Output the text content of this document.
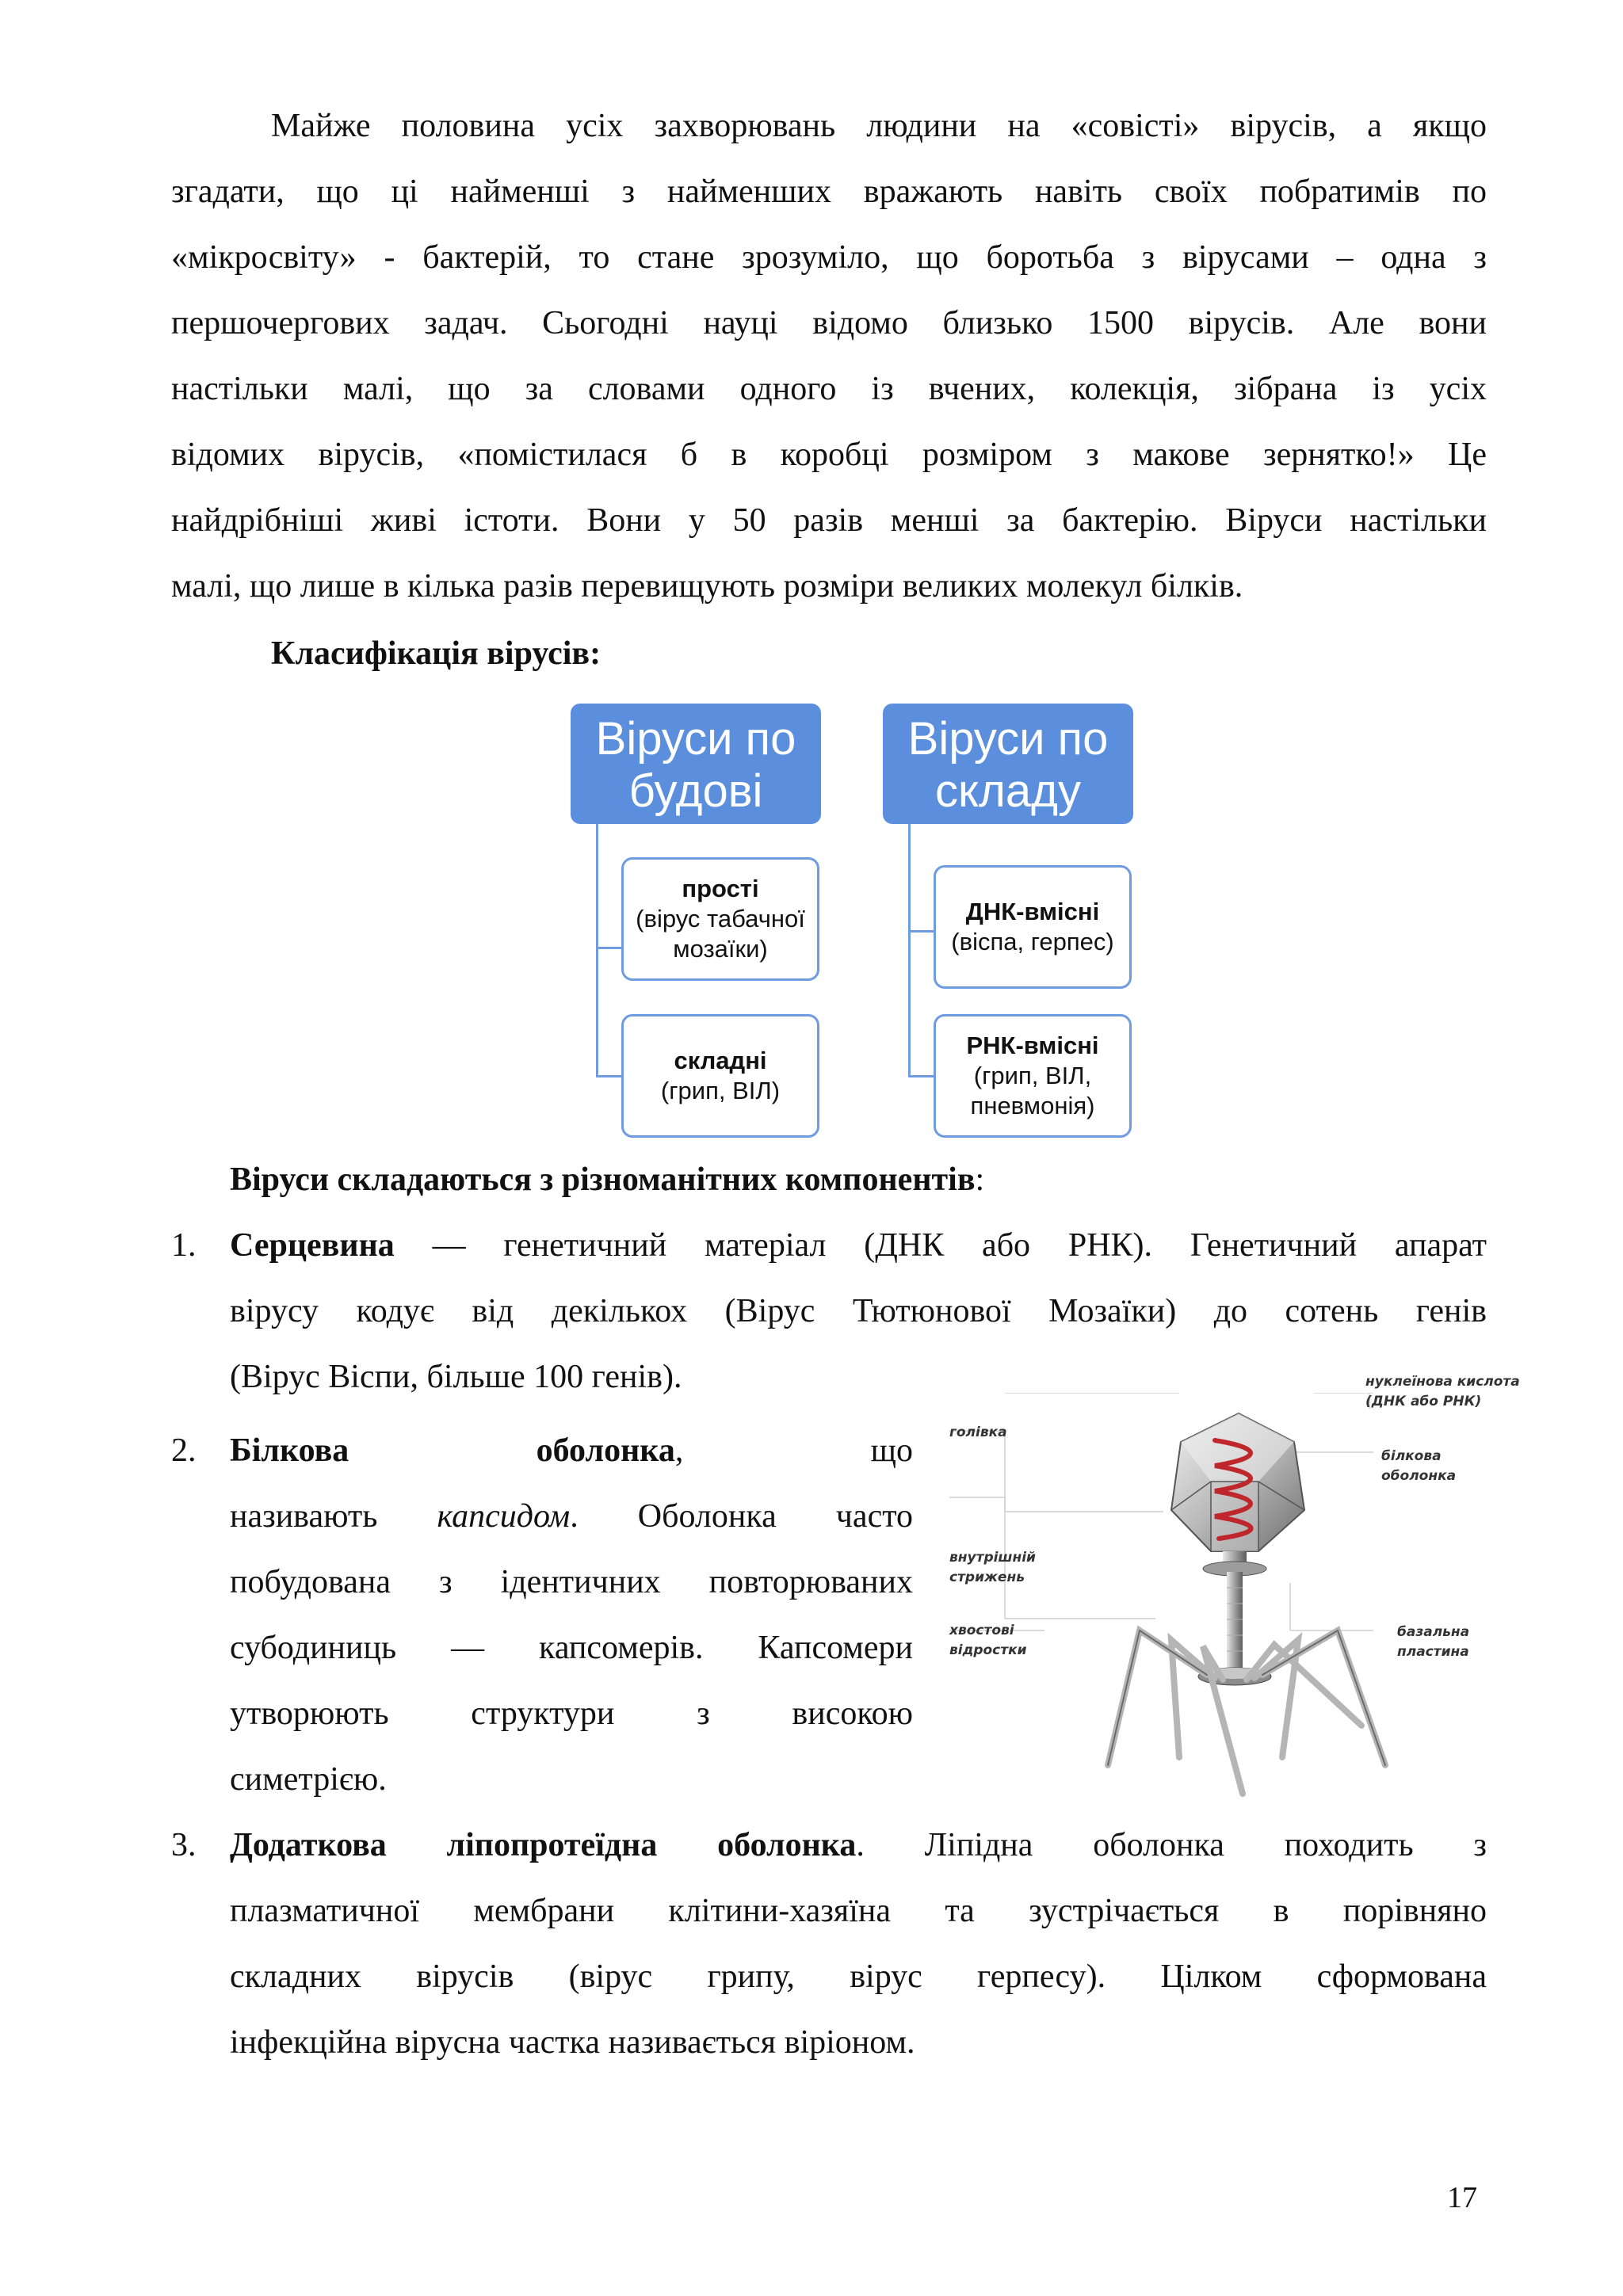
Майже половина усіх захворювань людини на «совісті» вірусів, а якщо
згадати, що ці найменші з найменших вражають навіть своїх побратимів по
«мікросвіту» - бактерій, то стане зрозуміло, що боротьба з вірусами – одна з
першочергових задач. Сьогодні науці відомо близько 1500 вірусів. Але вони
настільки малі, що за словами одного із вчених, колекція, зібрана із усіх
відомих вірусів, «помістилася б в коробці розміром з макове зернятко!» Це
найдрібніші живі істоти. Вони у 50 разів менші за бактерію. Віруси настільки
малі, що лише в кілька разів перевищують розміри великих молекул білків.
Класифікація вірусів:
Віруси по будові
прості
(вірус табачної мозаїки)
складні
(грип, ВІЛ)
Віруси по складу
ДНК-вмісні
(віспа, герпес)
РНК-вмісні
(грип, ВІЛ, пневмонія)
Віруси складаються з різноманітних компонентів:
1. Серцевина — генетичний матеріал (ДНК або РНК). Генетичний апарат
вірусу кодує від декількох (Вірус Тютюнової Мозаїки) до сотень генів
(Вірус Віспи, більше 100 генів).
2. Білкова	оболонка,	що
називають капсидом. Оболонка часто
побудована з ідентичних повторюваних
субодиниць — капсомерів. Капсомери
утворюють структури з високою
симетрією.
голівка
нуклеїнова кислота (ДНК або РНК)
білкова оболонка
внутрішній стрижень
хвостові відростки
базальна пластина
3. Додаткова ліпопротеїдна оболонка. Ліпідна оболонка походить з
плазматичної мембрани клітини-хазяїна та зустрічається в порівняно
складних вірусів (вірус грипу, вірус герпесу). Цілком сформована
інфекційна вірусна частка називається віріоном.
17
